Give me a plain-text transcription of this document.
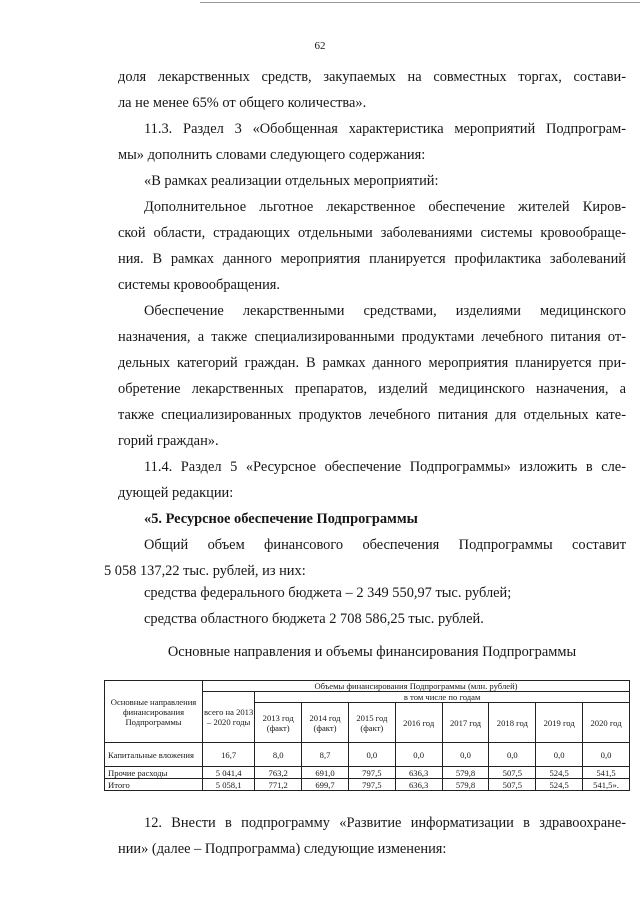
62

доля лекарственных средств, закупаемых на совместных торгах, состави-
ла не менее 65% от общего количества».

11.3. Раздел 3 «Обобщенная характеристика мероприятий Подпрограм-
мы» дополнить словами следующего содержания:

«В рамках реализации отдельных мероприятий:

Дополнительное льготное лекарственное обеспечение жителей Киров-
ской области, страдающих отдельными заболеваниями системы кровообраще-
ния. В рамках данного мероприятия планируется профилактика заболеваний
системы кровообращения.

Обеспечение лекарственными средствами, изделиями медицинского
назначения, а также специализированными продуктами лечебного питания от-
дельных категорий граждан. В рамках данного мероприятия планируется при-
обретение лекарственных препаратов, изделий медицинского назначения, а
также специализированных продуктов лечебного питания для отдельных кате-
горий граждан».

11.4. Раздел 5 «Ресурсное обеспечение Подпрограммы» изложить в сле-
дующей редакции:

«5. Ресурсное обеспечение Подпрограммы

Общий объем финансового обеспечения Подпрограммы составит

5 058 137,22 тыс. рублей, из них:

средства федерального бюджета – 2 349 550,97 тыс. рублей;

средства областного бюджета 2 708 586,25 тыс. рублей.

Основные направления и объемы финансирования Подпрограммы
Основные направления финансирования Подпрограммы	Объемы финансирования Подпрограммы (млн. рублей)								
	всего на 2013 – 2020 годы	в том числе по годам							
		2013 год (факт)	2014 год (факт)	2015 год (факт)	2016 год	2017 год	2018 год	2019 год	2020 год
Капитальные вложения	16,7	8,0	8,7	0,0	0,0	0,0	0,0	0,0	0,0
Прочие расходы	5 041,4	763,2	691,0	797,5	636,3	579,8	507,5	524,5	541,5
Итого	5 058,1	771,2	699,7	797,5	636,3	579,8	507,5	524,5	541,5».

12. Внести в подпрограмму «Развитие информатизации в здравоохране-
нии» (далее – Подпрограмма) следующие изменения:
